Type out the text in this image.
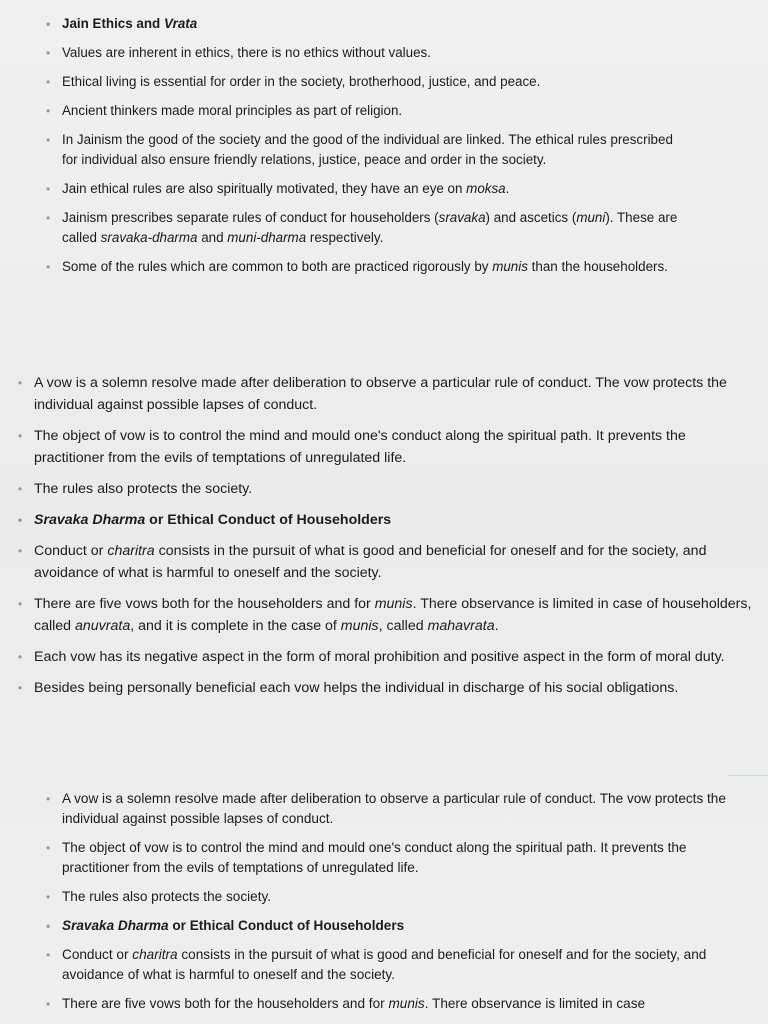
• Jain Ethics and Vrata
• Values are inherent in ethics, there is no ethics without values.
• Ethical living is essential for order in the society, brotherhood, justice, and peace.
• Ancient thinkers made moral principles as part of religion.
• In Jainism the good of the society and the good of the individual are linked. The ethical rules prescribed for individual also ensure friendly relations, justice, peace and order in the society.
• Jain ethical rules are also spiritually motivated, they have an eye on moksa.
• Jainism prescribes separate rules of conduct for householders (sravaka) and ascetics (muni). These are called sravaka-dharma and muni-dharma respectively.
• Some of the rules which are common to both are practiced rigorously by munis than the householders.
• A vow is a solemn resolve made after deliberation to observe a particular rule of conduct. The vow protects the individual against possible lapses of conduct.
• The object of vow is to control the mind and mould one's conduct along the spiritual path. It prevents the practitioner from the evils of temptations of unregulated life.
• The rules also protects the society.
• Sravaka Dharma or Ethical Conduct of Householders
• Conduct or charitra consists in the pursuit of what is good and beneficial for oneself and for the society, and avoidance of what is harmful to oneself and the society.
• There are five vows both for the householders and for munis. There observance is limited in case of householders, called anuvrata, and it is complete in the case of munis, called mahavrata.
• Each vow has its negative aspect in the form of moral prohibition and positive aspect in the form of moral duty.
• Besides being personally beneficial each vow helps the individual in discharge of his social obligations.
• A vow is a solemn resolve made after deliberation to observe a particular rule of conduct. The vow protects the individual against possible lapses of conduct.
• The object of vow is to control the mind and mould one's conduct along the spiritual path. It prevents the practitioner from the evils of temptations of unregulated life.
• The rules also protects the society.
• Sravaka Dharma or Ethical Conduct of Householders
• Conduct or charitra consists in the pursuit of what is good and beneficial for oneself and for the society, and avoidance of what is harmful to oneself and the society.
• There are five vows both for the householders and for munis. There observance is limited in case
